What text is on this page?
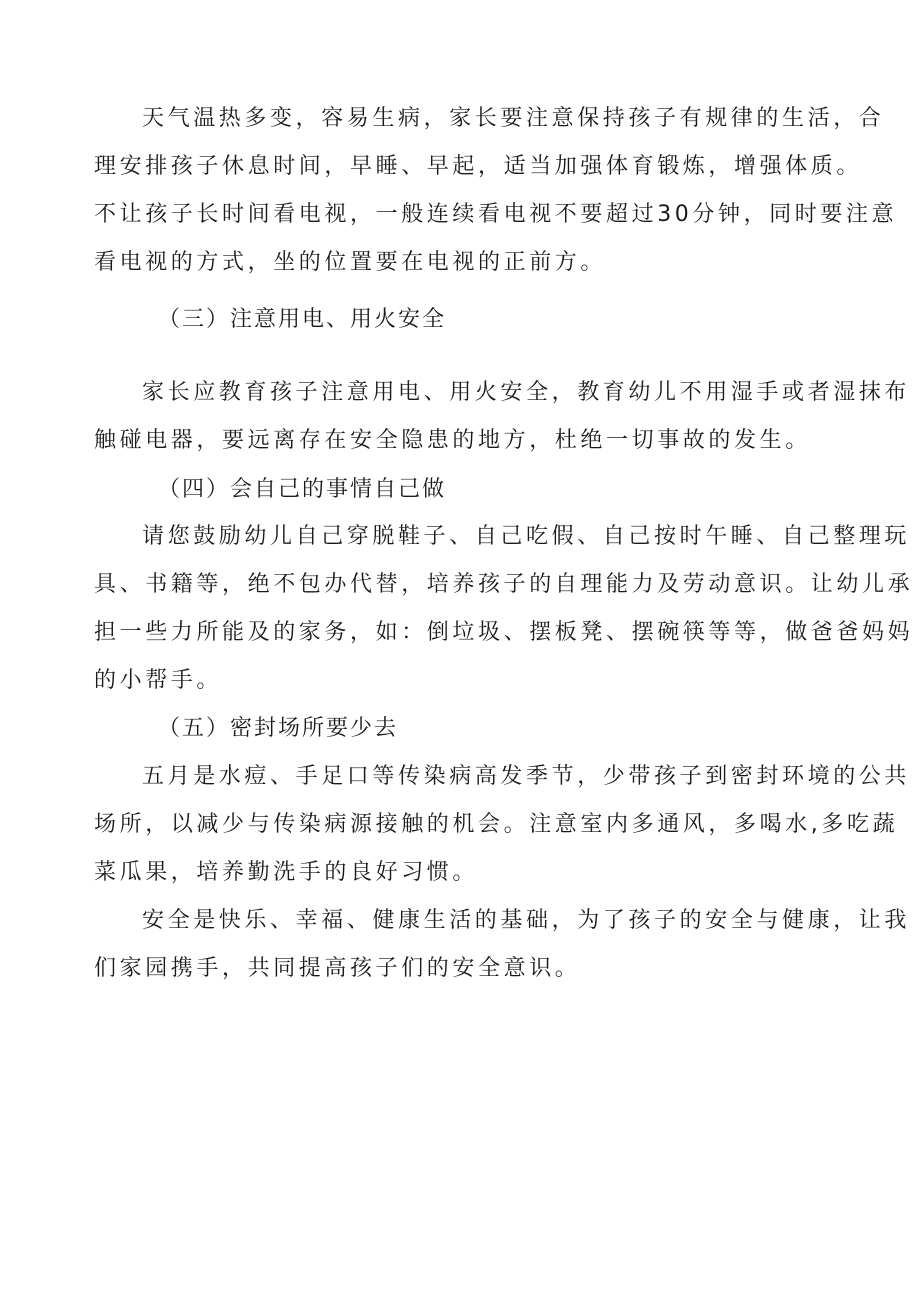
天气温热多变，容易生病，家长要注意保持孩子有规律的生活，合
理安排孩子休息时间，早睡、早起，适当加强体育锻炼，增强体质。
不让孩子长时间看电视，一般连续看电视不要超过30分钟，同时要注意
看电视的方式，坐的位置要在电视的正前方。
（三）注意用电、用火安全
家长应教育孩子注意用电、用火安全，教育幼儿不用湿手或者湿抹布
触碰电器，要远离存在安全隐患的地方，杜绝一切事故的发生。
（四）会自己的事情自己做
请您鼓励幼儿自己穿脱鞋子、自己吃假、自己按时午睡、自己整理玩
具、书籍等，绝不包办代替，培养孩子的自理能力及劳动意识。让幼儿承
担一些力所能及的家务，如：倒垃圾、摆板凳、摆碗筷等等，做爸爸妈妈
的小帮手。
（五）密封场所要少去
五月是水痘、手足口等传染病高发季节，少带孩子到密封环境的公共
场所，以减少与传染病源接触的机会。注意室内多通风，多喝水,多吃蔬
菜瓜果，培养勤洗手的良好习惯。
安全是快乐、幸福、健康生活的基础，为了孩子的安全与健康，让我
们家园携手，共同提高孩子们的安全意识。
